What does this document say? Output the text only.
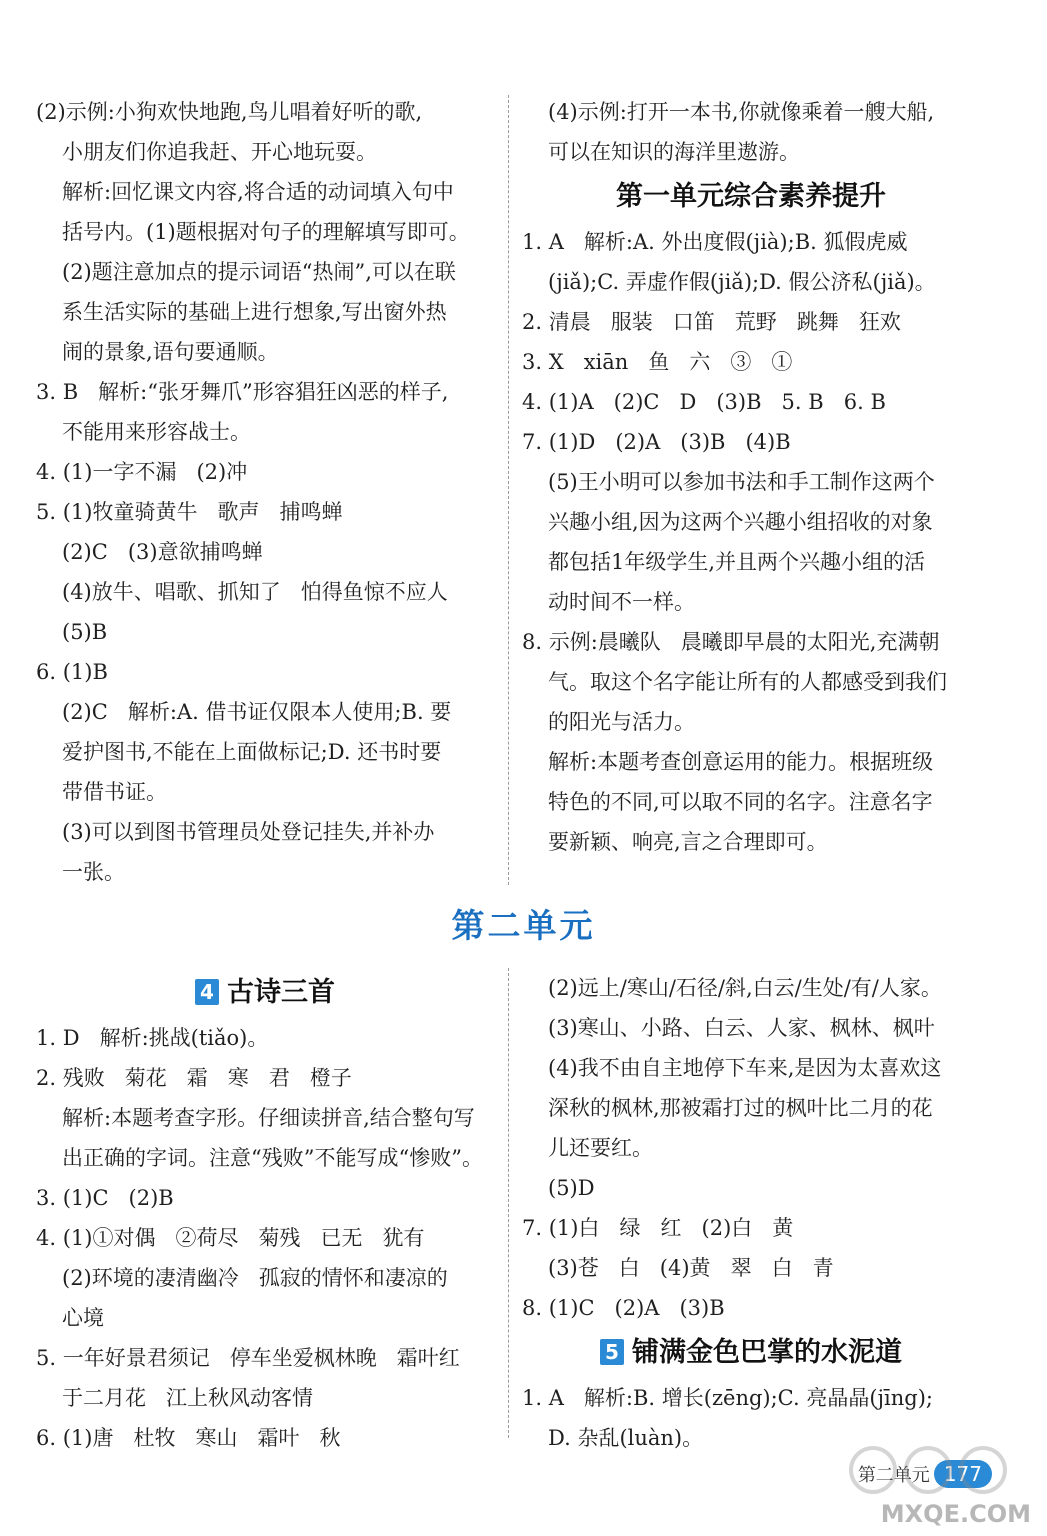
(2)示例:小狗欢快地跑,鸟儿唱着好听的歌,
小朋友们你追我赶、开心地玩耍。
解析:回忆课文内容,将合适的动词填入句中
括号内。(1)题根据对句子的理解填写即可。
(2)题注意加点的提示词语“热闹”,可以在联
系生活实际的基础上进行想象,写出窗外热
闹的景象,语句要通顺。
3. B   解析:“张牙舞爪”形容猖狂凶恶的样子,
不能用来形容战士。
4. (1)一字不漏   (2)冲
5. (1)牧童骑黄牛   歌声   捕鸣蝉
(2)C   (3)意欲捕鸣蝉
(4)放牛、唱歌、抓知了   怕得鱼惊不应人
(5)B
6. (1)B
(2)C   解析:A. 借书证仅限本人使用;B. 要
爱护图书,不能在上面做标记;D. 还书时要
带借书证。
(3)可以到图书管理员处登记挂失,并补办
一张。
(4)示例:打开一本书,你就像乘着一艘大船,
可以在知识的海洋里遨游。
第一单元综合素养提升
1. A   解析:A. 外出度假(jià);B. 狐假虎威
(jiǎ);C. 弄虚作假(jiǎ);D. 假公济私(jiǎ)。
2. 清晨   服装   口笛   荒野   跳舞   狂欢
3. X   xiān   鱼   六   ③   ①
4. (1)A   (2)C   D   (3)B   5. B   6. B
7. (1)D   (2)A   (3)B   (4)B
(5)王小明可以参加书法和手工制作这两个
兴趣小组,因为这两个兴趣小组招收的对象
都包括1年级学生,并且两个兴趣小组的活
动时间不一样。
8. 示例:晨曦队   晨曦即早晨的太阳光,充满朝
气。取这个名字能让所有的人都感受到我们
的阳光与活力。
解析:本题考查创意运用的能力。根据班级
特色的不同,可以取不同的名字。注意名字
要新颖、响亮,言之合理即可。
第二单元
4 古诗三首
1. D   解析:挑战(tiǎo)。
2. 残败   菊花   霜   寒   君   橙子
解析:本题考查字形。仔细读拼音,结合整句写
出正确的字词。注意“残败”不能写成“惨败”。
3. (1)C   (2)B
4. (1)①对偶   ②荷尽   菊残   已无   犹有
(2)环境的凄清幽冷   孤寂的情怀和凄凉的
心境
5. 一年好景君须记   停车坐爱枫林晚   霜叶红
于二月花   江上秋风动客情
6. (1)唐   杜牧   寒山   霜叶   秋
(2)远上/寒山/石径/斜,白云/生处/有/人家。
(3)寒山、小路、白云、人家、枫林、枫叶
(4)我不由自主地停下车来,是因为太喜欢这
深秋的枫林,那被霜打过的枫叶比二月的花
儿还要红。
(5)D
7. (1)白   绿   红   (2)白   黄
(3)苍   白   (4)黄   翠   白   青
8. (1)C   (2)A   (3)B
5 铺满金色巴掌的水泥道
1. A   解析:B. 增长(zēng);C. 亮晶晶(jīng);
D. 杂乱(luàn)。
第二单元 177
MXQE.COM
